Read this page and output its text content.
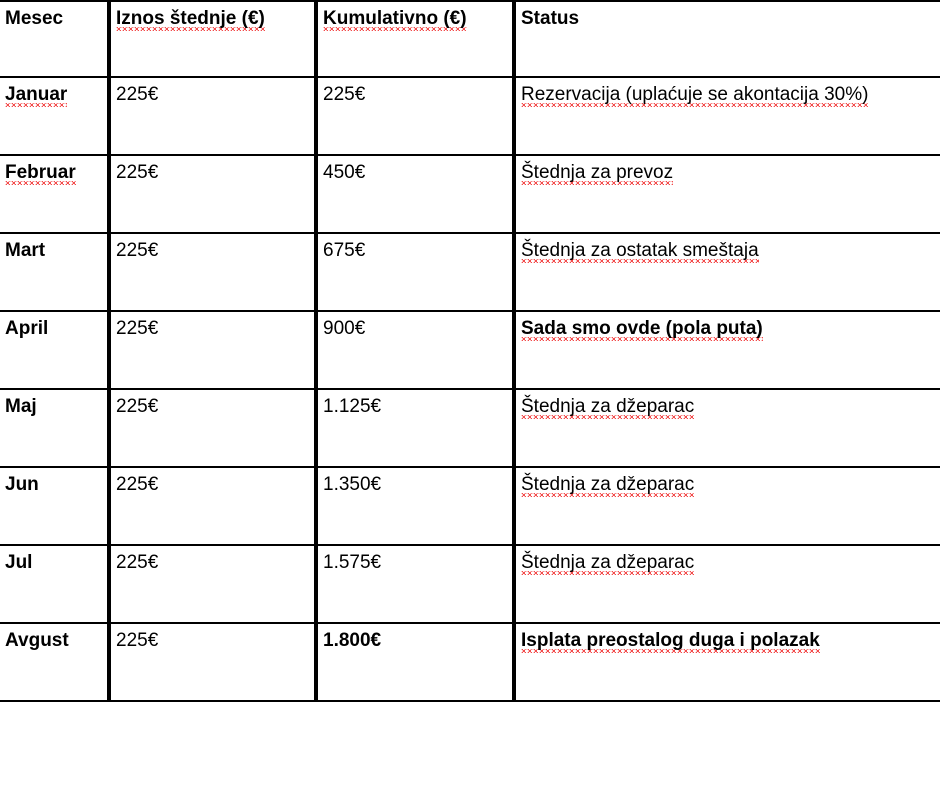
Mesec	Iznos štednje (€)	Kumulativno (€)	Status
Januar	225€	225€	Rezervacija (uplaćuje se akontacija 30%)
Februar	225€	450€	Štednja za prevoz
Mart	225€	675€	Štednja za ostatak smeštaja
April	225€	900€	Sada smo ovde (pola puta)
Maj	225€	1.125€	Štednja za džeparac
Jun	225€	1.350€	Štednja za džeparac
Jul	225€	1.575€	Štednja za džeparac
Avgust	225€	1.800€	Isplata preostalog duga i polazak
